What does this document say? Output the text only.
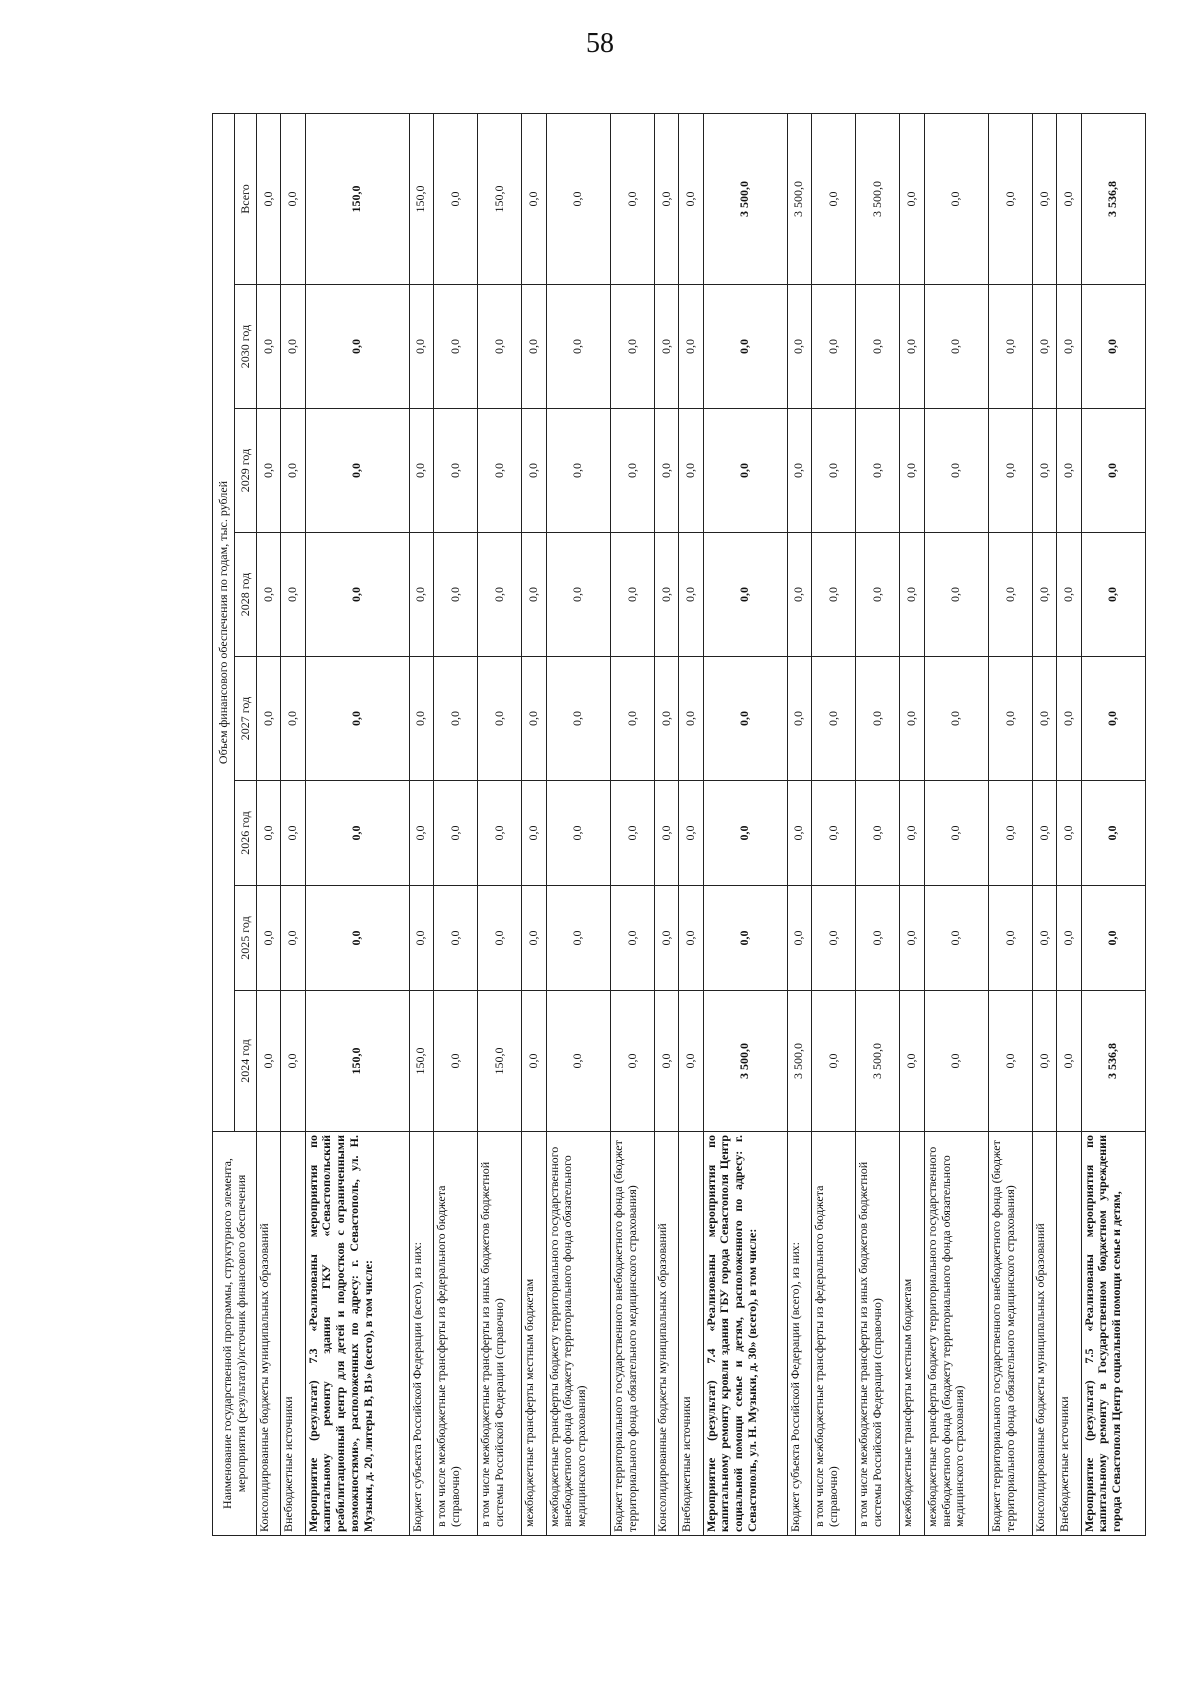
58
Наименование государственной программы, структурного элемента, мероприятия (результата)/источник финансового обеспечения	Объем финансового обеспечения по годам, тыс. рублей							
	2024 год	2025 год	2026 год	2027 год	2028 год	2029 год	2030 год	Всего
Консолидированные бюджеты муниципальных образований	0,0	0,0	0,0	0,0	0,0	0,0	0,0	0,0
Внебюджетные источники	0,0	0,0	0,0	0,0	0,0	0,0	0,0	0,0
Мероприятие (результат) 7.3 «Реализованы мероприятия по капитальному ремонту здания ГКУ «Севастопольский реабилитационный центр для детей и подростков с ограниченными возможностями», расположенных по адресу: г. Севастополь, ул. Н. Музыки, д. 20, литеры В, В1» (всего), в том числе:	150,0	0,0	0,0	0,0	0,0	0,0	0,0	150,0
Бюджет субъекта Российской Федерации (всего), из них:	150,0	0,0	0,0	0,0	0,0	0,0	0,0	150,0
в том числе межбюджетные трансферты из федерального бюджета (справочно)	0,0	0,0	0,0	0,0	0,0	0,0	0,0	0,0
в том числе межбюджетные трансферты из иных бюджетов бюджетной системы Российской Федерации (справочно)	150,0	0,0	0,0	0,0	0,0	0,0	0,0	150,0
межбюджетные трансферты местным бюджетам	0,0	0,0	0,0	0,0	0,0	0,0	0,0	0,0
межбюджетные трансферты бюджету территориального государственного внебюджетного фонда (бюджету территориального фонда обязательного медицинского страхования)	0,0	0,0	0,0	0,0	0,0	0,0	0,0	0,0
Бюджет территориального государственного внебюджетного фонда (бюджет территориального фонда обязательного медицинского страхования)	0,0	0,0	0,0	0,0	0,0	0,0	0,0	0,0
Консолидированные бюджеты муниципальных образований	0,0	0,0	0,0	0,0	0,0	0,0	0,0	0,0
Внебюджетные источники	0,0	0,0	0,0	0,0	0,0	0,0	0,0	0,0
Мероприятие (результат) 7.4 «Реализованы мероприятия по капитальному ремонту кровли здания ГБУ города Севастополя Центр социальной помощи семье и детям, расположенного по адресу: г. Севастополь, ул. Н. Музыки, д. 30» (всего), в том числе:	3 500,0	0,0	0,0	0,0	0,0	0,0	0,0	3 500,0
Бюджет субъекта Российской Федерации (всего), из них:	3 500,0	0,0	0,0	0,0	0,0	0,0	0,0	3 500,0
в том числе межбюджетные трансферты из федерального бюджета (справочно)	0,0	0,0	0,0	0,0	0,0	0,0	0,0	0,0
в том числе межбюджетные трансферты из иных бюджетов бюджетной системы Российской Федерации (справочно)	3 500,0	0,0	0,0	0,0	0,0	0,0	0,0	3 500,0
межбюджетные трансферты местным бюджетам	0,0	0,0	0,0	0,0	0,0	0,0	0,0	0,0
межбюджетные трансферты бюджету территориального государственного внебюджетного фонда (бюджету территориального фонда обязательного медицинского страхования)	0,0	0,0	0,0	0,0	0,0	0,0	0,0	0,0
Бюджет территориального государственного внебюджетного фонда (бюджет территориального фонда обязательного медицинского страхования)	0,0	0,0	0,0	0,0	0,0	0,0	0,0	0,0
Консолидированные бюджеты муниципальных образований	0,0	0,0	0,0	0,0	0,0	0,0	0,0	0,0
Внебюджетные источники	0,0	0,0	0,0	0,0	0,0	0,0	0,0	0,0
Мероприятие (результат) 7.5 «Реализованы мероприятия по капитальному ремонту в Государственном бюджетном учреждении города Севастополя Центр социальной помощи семье и детям,	3 536,8	0,0	0,0	0,0	0,0	0,0	0,0	3 536,8
